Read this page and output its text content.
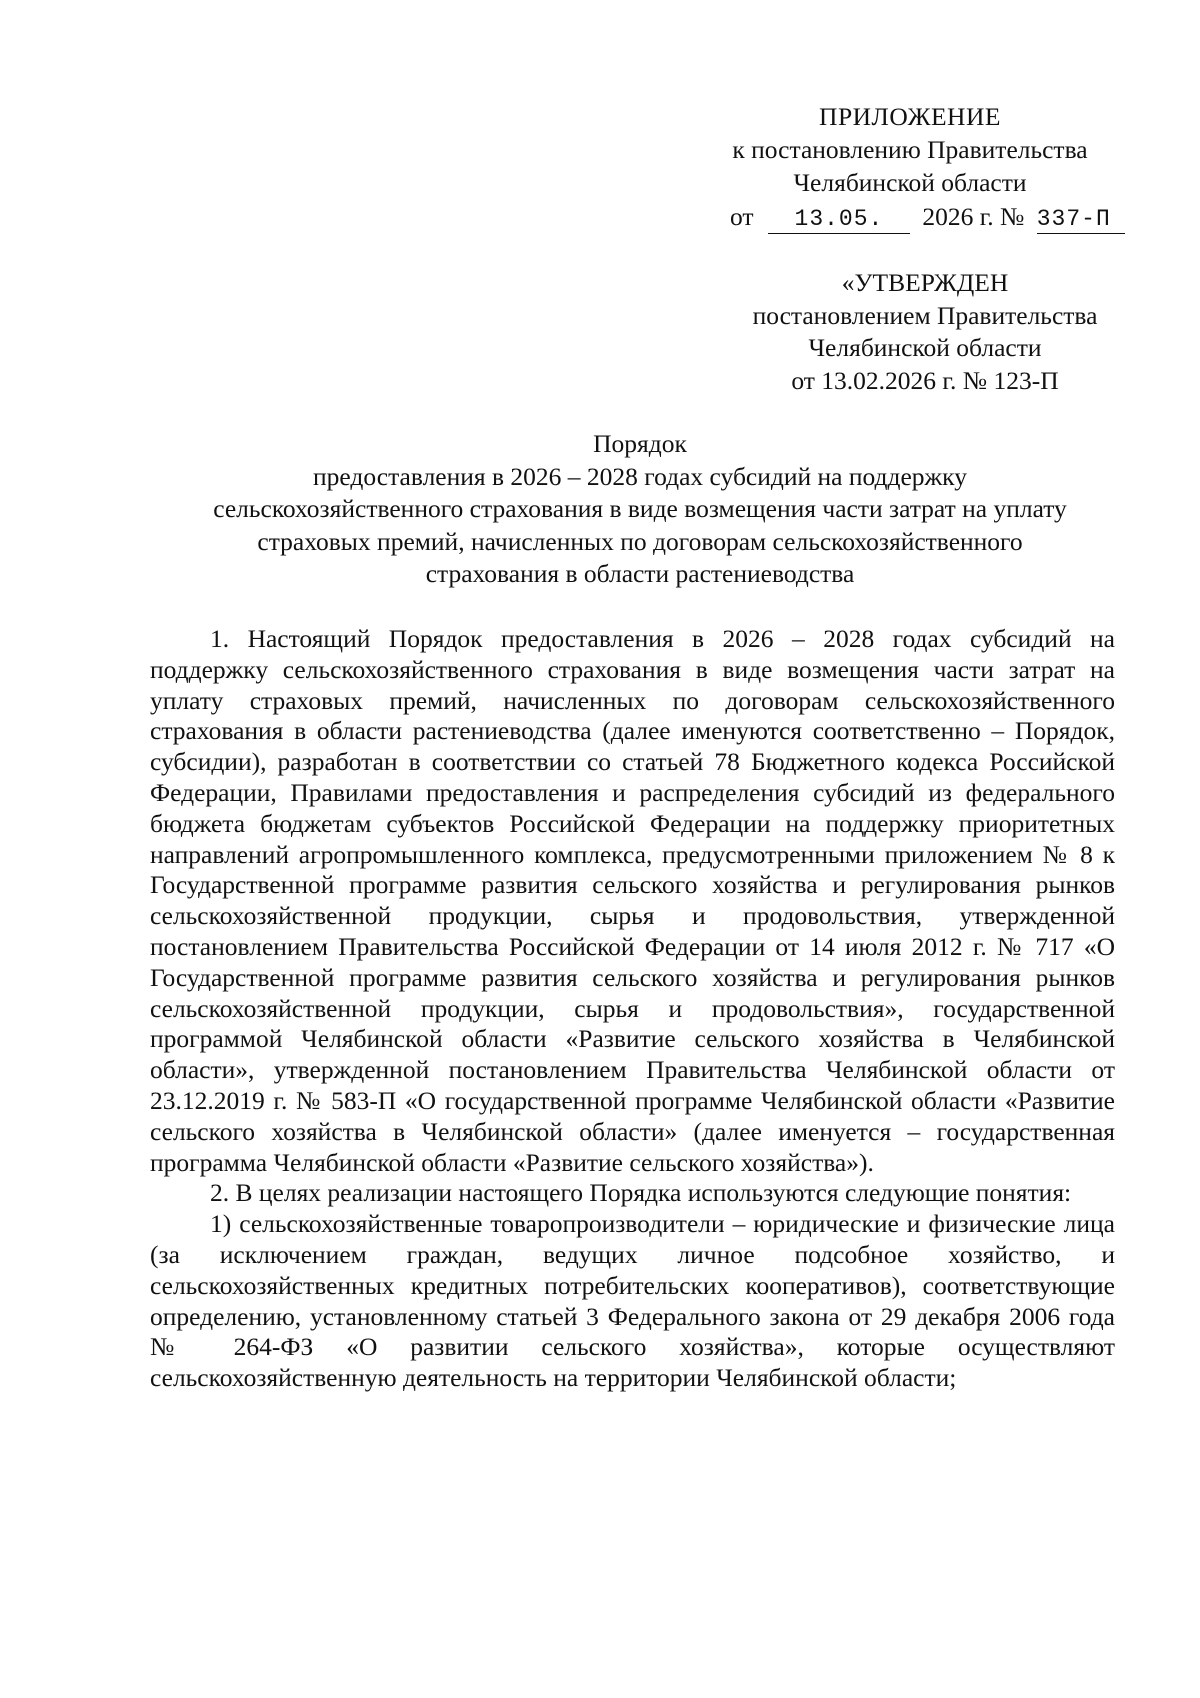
ПРИЛОЖЕНИЕ
к постановлению Правительства
Челябинской области
от 13.05. 2026 г. № 337-П
«УТВЕРЖДЕН
постановлением Правительства
Челябинской области
от 13.02.2026 г. № 123-П
Порядок
предоставления в 2026 – 2028 годах субсидий на поддержку
сельскохозяйственного страхования в виде возмещения части затрат на уплату
страховых премий, начисленных по договорам сельскохозяйственного
страхования в области растениеводства

1. Настоящий Порядок предоставления в 2026 – 2028 годах субсидий на поддержку сельскохозяйственного страхования в виде возмещения части затрат на уплату страховых премий, начисленных по договорам сельскохозяйственного страхования в области растениеводства (далее именуются соответственно – Порядок, субсидии), разработан в соответствии со статьей 78 Бюджетного кодекса Российской Федерации, Правилами предоставления и распределения субсидий из федерального бюджета бюджетам субъектов Российской Федерации на поддержку приоритетных направлений агропромышленного комплекса, предусмотренными приложением № 8 к Государственной программе развития сельского хозяйства и регулирования рынков сельскохозяйственной продукции, сырья и продовольствия, утвержденной постановлением Правительства Российской Федерации от 14 июля 2012 г. № 717 «О Государственной программе развития сельского хозяйства и регулирования рынков сельскохозяйственной продукции, сырья и продовольствия», государственной программой Челябинской области «Развитие сельского хозяйства в Челябинской области», утвержденной постановлением Правительства Челябинской области от 23.12.2019 г. № 583-П «О государственной программе Челябинской области «Развитие сельского хозяйства в Челябинской области» (далее именуется – государственная программа Челябинской области «Развитие сельского хозяйства»).

2. В целях реализации настоящего Порядка используются следующие понятия:

1) сельскохозяйственные товаропроизводители – юридические и физические лица (за исключением граждан, ведущих личное подсобное хозяйство, и сельскохозяйственных кредитных потребительских кооперативов), соответствующие определению, установленному статьей 3 Федерального закона от 29 декабря 2006 года № 264-ФЗ «О развитии сельского хозяйства», которые осуществляют сельскохозяйственную деятельность на территории Челябинской области;
